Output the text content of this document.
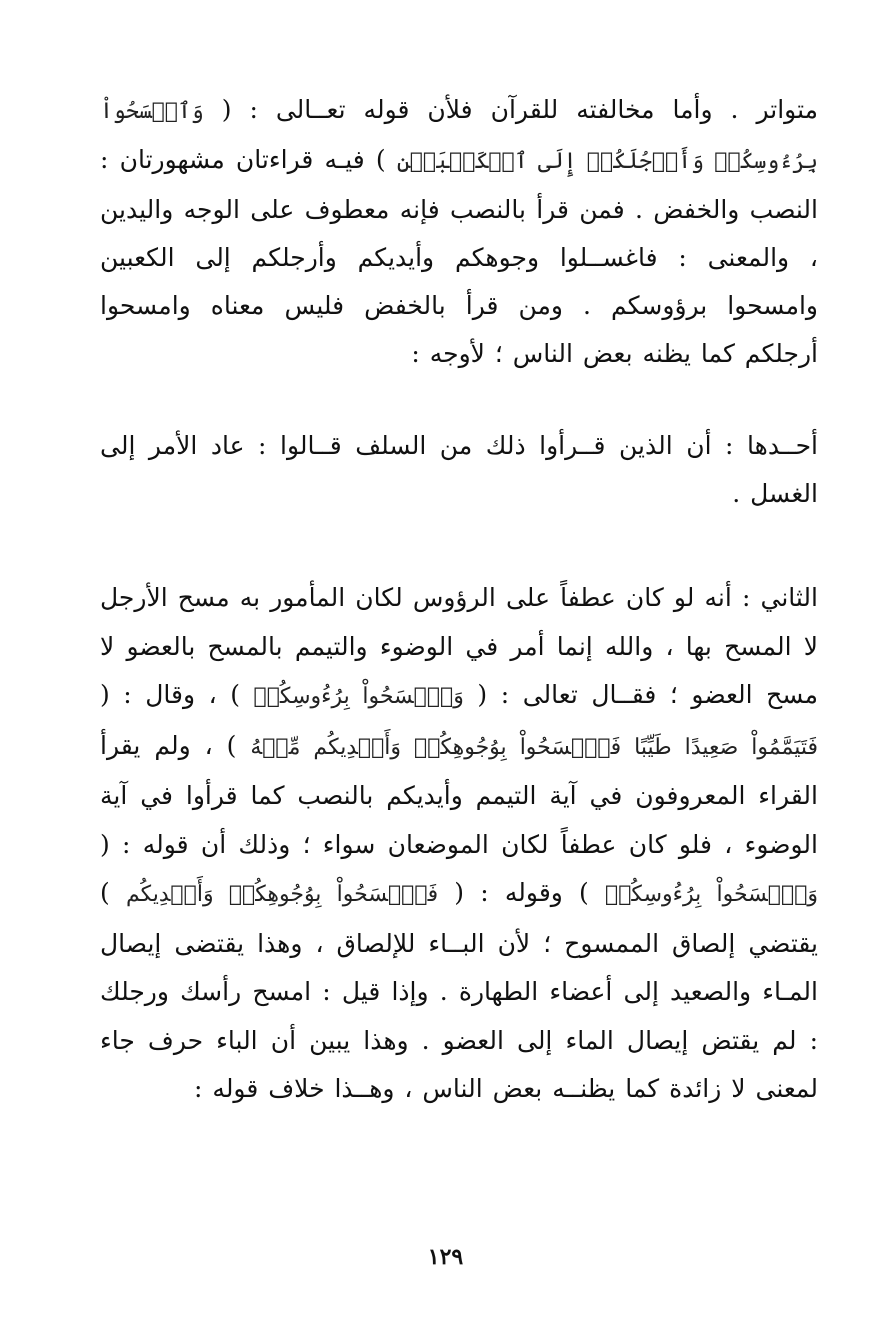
متواتر . وأما مخالفته للقرآن فلأن قوله تعــالى : ( وَٱمۡسَحُواْ بِرُءُوسِكُمۡ وَأَرۡجُلَكُمۡ إِلَى ٱلۡكَعۡبَيۡنِ ) فيـه قراءتان مشهورتان : النصب والخفض . فمن قرأ بالنصب فإنه معطوف على الوجه واليدين ، والمعنى : فاغســلوا وجوهكم وأيديكم وأرجلكم إلى الكعبين وامسحوا برؤوسكم . ومن قرأ بالخفض فليس معناه وامسحوا أرجلكم كما يظنه بعض الناس ؛ لأوجه :
أحــدها : أن الذين قــرأوا ذلك من السلف قــالوا : عاد الأمر إلى الغسل .
الثاني : أنه لو كان عطفاً على الرؤوس لكان المأمور به مسح الأرجل لا المسح بها ، والله إنما أمر في الوضوء والتيمم بالمسح بالعضو لا مسح العضو ؛ فقــال تعالى : ( وَٱمۡسَحُواْ بِرُءُوسِكُمۡ ) ، وقال : ( فَتَيَمَّمُواْ صَعِيدًا طَيِّبًا فَٱمۡسَحُواْ بِوُجُوهِكُمۡ وَأَيۡدِيكُم مِّنۡهُ ) ، ولم يقرأ القراء المعروفون في آية التيمم وأيديكم بالنصب كما قرأوا في آية الوضوء ، فلو كان عطفاً لكان الموضعان سواء ؛ وذلك أن قوله : ( وَٱمۡسَحُواْ بِرُءُوسِكُمۡ ) وقوله : ( فَٱمۡسَحُواْ بِوُجُوهِكُمۡ وَأَيۡدِيكُم ) يقتضي إلصاق الممسوح ؛ لأن البــاء للإلصاق ، وهذا يقتضى إيصال المـاء والصعيد إلى أعضاء الطهارة . وإذا قيل : امسح رأسك ورجلك : لم يقتض إيصال الماء إلى العضو . وهذا يبين أن الباء حرف جاء لمعنى لا زائدة كما يظنــه بعض الناس ، وهــذا خلاف قوله :
١٢٩
